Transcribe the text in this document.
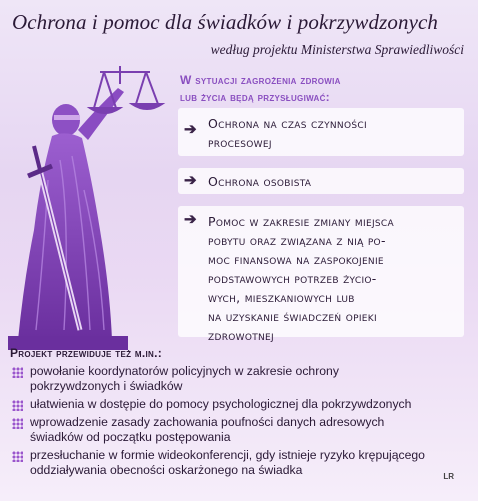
Ochrona i pomoc dla świadków i pokrzywdzonych
według projektu Ministerstwa Sprawiedliwości
W sytuacji zagrożenia zdrowia
lub życia będą przysługiwać:
➔ Ochrona na czas czynności
procesowej
➔ Ochrona osobista
➔ Pomoc w zakresie zmiany miejsca
pobytu oraz związana z nią po-
moc finansowa na zaspokojenie
podstawowych potrzeb życio-
wych, mieszkaniowych lub
na uzyskanie świadczeń opieki
zdrowotnej
Projekt przewiduje też m.in.:
powołanie koordynatorów policyjnych w zakresie ochrony
pokrzywdzonych i świadków
ułatwienia w dostępie do pomocy psychologicznej dla pokrzywdzonych
wprowadzenie zasady zachowania poufności danych adresowych
świadków od początku postępowania
przesłuchanie w formie wideokonferencji, gdy istnieje ryzyko krępującego
oddziaływania obecności oskarżonego na świadka	LR
